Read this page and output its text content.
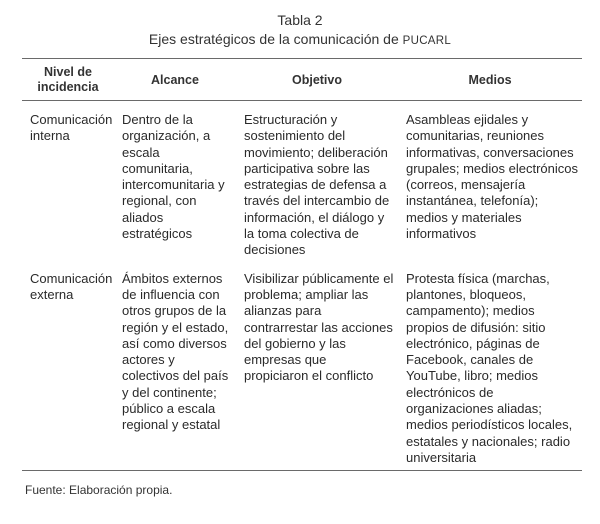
Tabla 2
Ejes estratégicos de la comunicación de PUCARL
Nivel de incidencia	Alcance	Objetivo	Medios
Comunicación interna	Dentro de la organización, a escala comunitaria, intercomunitaria y regional, con aliados estratégicos	Estructuración y sostenimiento del movimiento; deliberación participativa sobre las estrategias de defensa a través del intercambio de información, el diálogo y la toma colectiva de decisiones	Asambleas ejidales y comunitarias, reuniones informativas, conversaciones grupales; medios electrónicos (correos, mensajería instantánea, telefonía); medios y materiales informativos
Comunicación externa	Ámbitos externos de influencia con otros grupos de la región y el estado, así como diversos actores y colectivos del país y del continente; público a escala regional y estatal	Visibilizar públicamente el problema; ampliar las alianzas para contrarrestar las acciones del gobierno y las empresas que propiciaron el conflicto	Protesta física (marchas, plantones, bloqueos, campamento); medios propios de difusión: sitio electrónico, páginas de Facebook, canales de YouTube, libro; medios electrónicos de organizaciones aliadas; medios periodísticos locales, estatales y nacionales; radio universitaria
Fuente: Elaboración propia.
